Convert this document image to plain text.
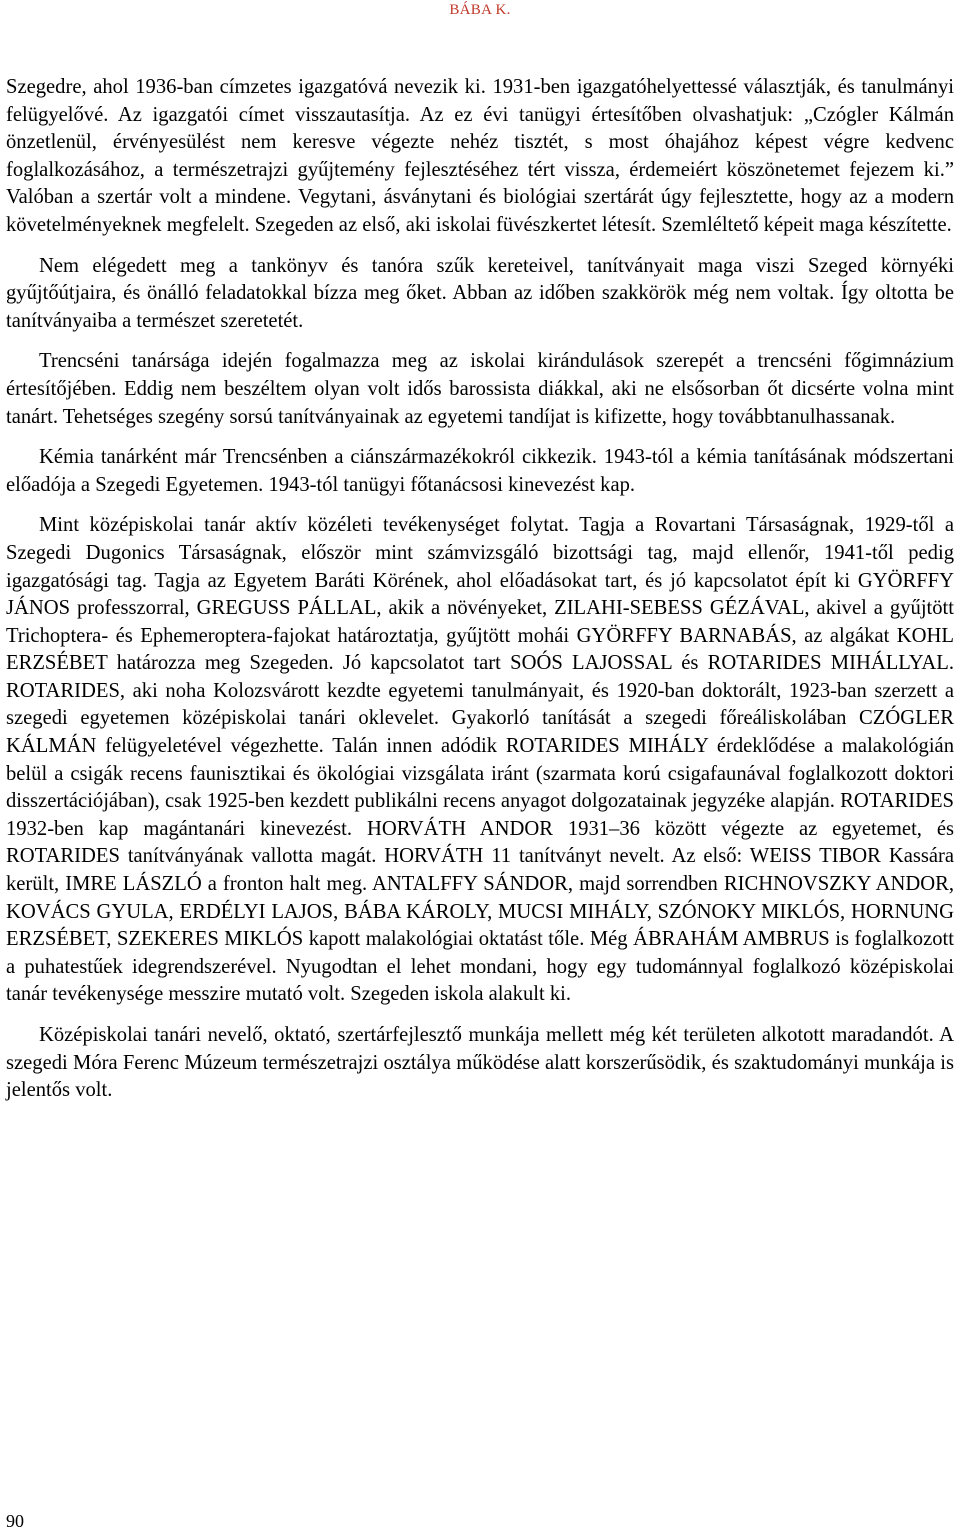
BÁBA K.

Szegedre, ahol 1936-ban címzetes igazgatóvá nevezik ki. 1931-ben igazgatóhelyettessé választják, és tanulmányi felügyelővé. Az igazgatói címet visszautasítja. Az ez évi tanügyi értesítőben olvashatjuk: „Czógler Kálmán önzetlenül, érvényesülést nem keresve végezte nehéz tisztét, s most óhajához képest végre kedvenc foglalkozásához, a természetrajzi gyűjtemény fejlesztéséhez tért vissza, érdemeiért köszönetemet fejezem ki.” Valóban a szertár volt a mindene. Vegytani, ásványtani és biológiai szertárát úgy fejlesztette, hogy az a modern követelményeknek megfelelt. Szegeden az első, aki iskolai füvészkertet létesít. Szemléltető képeit maga készítette.

Nem elégedett meg a tankönyv és tanóra szűk kereteivel, tanítványait maga viszi Szeged környéki gyűjtőútjaira, és önálló feladatokkal bízza meg őket. Abban az időben szakkörök még nem voltak. Így oltotta be tanítványaiba a természet szeretetét.

Trencséni tanársága idején fogalmazza meg az iskolai kirándulások szerepét a trencséni főgimnázium értesítőjében. Eddig nem beszéltem olyan volt idős barossista diákkal, aki ne elsősorban őt dicsérte volna mint tanárt. Tehetséges szegény sorsú tanítványainak az egyetemi tandíjat is kifizette, hogy továbbtanulhassanak.

Kémia tanárként már Trencsénben a ciánszármazékokról cikkezik. 1943-tól a kémia tanításának módszertani előadója a Szegedi Egyetemen. 1943-tól tanügyi főtanácsosi kinevezést kap.

Mint középiskolai tanár aktív közéleti tevékenységet folytat. Tagja a Rovartani Társaságnak, 1929-től a Szegedi Dugonics Társaságnak, először mint számvizsgáló bizottsági tag, majd ellenőr, 1941-től pedig igazgatósági tag. Tagja az Egyetem Baráti Körének, ahol előadásokat tart, és jó kapcsolatot épít ki GYÖRFFY JÁNOS professzorral, GREGUSS PÁLLAL, akik a növényeket, ZILAHI-SEBESS GÉZÁVAL, akivel a gyűjtött Trichoptera- és Ephemeroptera-fajokat határoztatja, gyűjtött mohái GYÖRFFY BARNABÁS, az algákat KOHL ERZSÉBET határozza meg Szegeden. Jó kapcsolatot tart SOÓS LAJOSSAL és ROTARIDES MIHÁLLYAL. ROTARIDES, aki noha Kolozsvárott kezdte egyetemi tanulmányait, és 1920-ban doktorált, 1923-ban szerzett a szegedi egyetemen középiskolai tanári oklevelet. Gyakorló tanítását a szegedi főreáliskolában CZÓGLER KÁLMÁN felügyeletével végezhette. Talán innen adódik ROTARIDES MIHÁLY érdeklődése a malakológián belül a csigák recens faunisztikai és ökológiai vizsgálata iránt (szarmata korú csigafaunával foglalkozott doktori disszertációjában), csak 1925-ben kezdett publikálni recens anyagot dolgozatainak jegyzéke alapján. ROTARIDES 1932-ben kap magántanári kinevezést. HORVÁTH ANDOR 1931–36 között végezte az egyetemet, és ROTARIDES tanítványának vallotta magát. HORVÁTH 11 tanítványt nevelt. Az első: WEISS TIBOR Kassára került, IMRE LÁSZLÓ a fronton halt meg. ANTALFFY SÁNDOR, majd sorrendben RICHNOVSZKY ANDOR, KOVÁCS GYULA, ERDÉLYI LAJOS, BÁBA KÁROLY, MUCSI MIHÁLY, SZÓNOKY MIKLÓS, HORNUNG ERZSÉBET, SZEKERES MIKLÓS kapott malakológiai oktatást tőle. Még ÁBRAHÁM AMBRUS is foglalkozott a puhatestűek idegrendszerével. Nyugodtan el lehet mondani, hogy egy tudománnyal foglalkozó középiskolai tanár tevékenysége messzire mutató volt. Szegeden iskola alakult ki.

Középiskolai tanári nevelő, oktató, szertárfejlesztő munkája mellett még két területen alkotott maradandót. A szegedi Móra Ferenc Múzeum természetrajzi osztálya működése alatt korszerűsödik, és szaktudományi munkája is jelentős volt.

90
